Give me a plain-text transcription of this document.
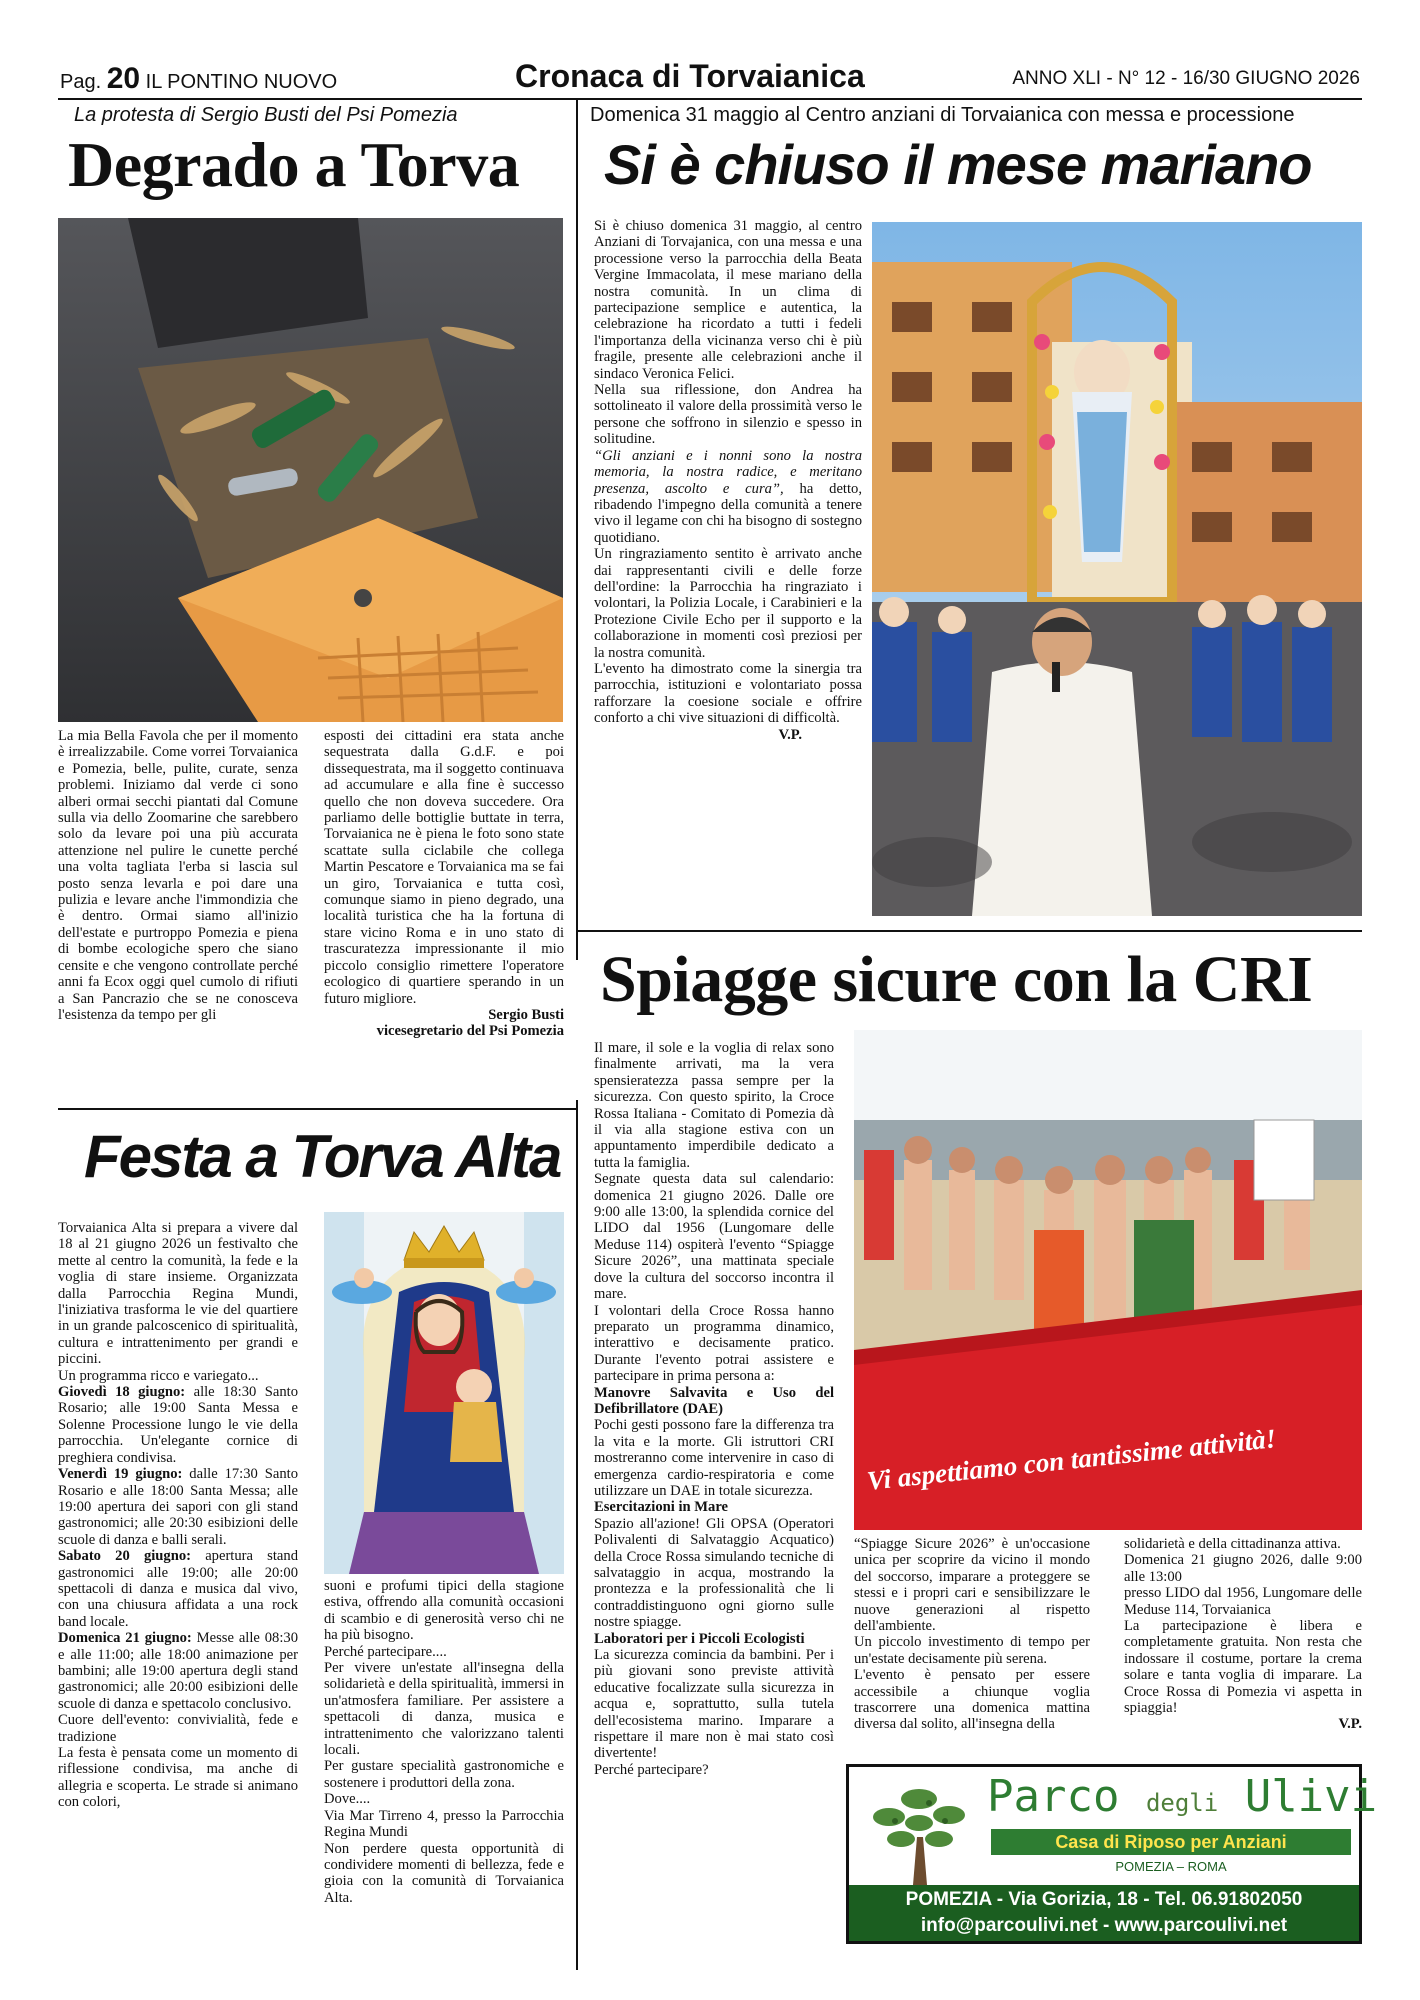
Pag. 20 IL PONTINO NUOVO	Cronaca di Torvaianica	ANNO XLI - N° 12 - 16/30 GIUGNO 2026
La protesta di Sergio Busti del Psi Pomezia
Degrado a Torva

La mia Bella Favola che per il momento è irrealizzabile. Come vorrei Torvaianica e Pomezia, belle, pulite, curate, senza problemi. Iniziamo dal verde ci sono alberi ormai secchi piantati dal Comune sulla via dello Zoomarine che sarebbero solo da levare poi una più accurata attenzione nel pulire le cunette perché una volta tagliata l'erba si lascia sul posto senza levarla e poi dare una pulizia e levare anche l'immondizia che è dentro. Ormai siamo all'inizio dell'estate e purtroppo Pomezia e piena di bombe ecologiche spero che siano censite e che vengono controllate perché anni fa Ecox oggi quel cumolo di rifiuti a San Pancrazio che se ne conosceva l'esistenza da tempo per gli

esposti dei cittadini era stata anche sequestrata dalla G.d.F. e poi dissequestrata, ma il soggetto continuava ad accumulare e alla fine è successo quello che non doveva succedere. Ora parliamo delle bottiglie buttate in terra, Torvaianica ne è piena le foto sono state scattate sulla ciclabile che collega Martin Pescatore e Torvaianica ma se fai un giro, Torvaianica e tutta così, comunque siamo in pieno degrado, una località turistica che ha la fortuna di stare vicino Roma e in uno stato di trascuratezza impressionante il mio piccolo consiglio rimettere l'operatore ecologico di quartiere sperando in un futuro migliore.

Sergio Busti
vicesegretario del Psi Pomezia
Domenica 31 maggio al Centro anziani di Torvaianica con messa e processione
Si è chiuso il mese mariano

Si è chiuso domenica 31 maggio, al centro Anziani di Torvajanica, con una messa e una processione verso la parrocchia della Beata Vergine Immacolata, il mese mariano della nostra comunità. In un clima di partecipazione semplice e autentica, la celebrazione ha ricordato a tutti i fedeli l'importanza della vicinanza verso chi è più fragile, presente alle celebrazioni anche il sindaco Veronica Felici.

Nella sua riflessione, don Andrea ha sottolineato il valore della prossimità verso le persone che soffrono in silenzio e spesso in solitudine.

“Gli anziani e i nonni sono la nostra memoria, la nostra radice, e meritano presenza, ascolto e cura”, ha detto, ribadendo l'impegno della comunità a tenere vivo il legame con chi ha bisogno di sostegno quotidiano.

Un ringraziamento sentito è arrivato anche dai rappresentanti civili e delle forze dell'ordine: la Parrocchia ha ringraziato i volontari, la Polizia Locale, i Carabinieri e la Protezione Civile Echo per il supporto e la collaborazione in momenti così preziosi per la nostra comunità.

L'evento ha dimostrato come la sinergia tra parrocchia, istituzioni e volontariato possa rafforzare la coesione sociale e offrire conforto a chi vive situazioni di difficoltà.

V.P.
Spiagge sicure con la CRI

Il mare, il sole e la voglia di relax sono finalmente arrivati, ma la vera spensieratezza passa sempre per la sicurezza. Con questo spirito, la Croce Rossa Italiana - Comitato di Pomezia dà il via alla stagione estiva con un appuntamento imperdibile dedicato a tutta la famiglia.

Segnate questa data sul calendario: domenica 21 giugno 2026. Dalle ore 9:00 alle 13:00, la splendida cornice del LIDO dal 1956 (Lungomare delle Meduse 114) ospiterà l'evento “Spiagge Sicure 2026”, una mattinata speciale dove la cultura del soccorso incontra il mare.

I volontari della Croce Rossa hanno preparato un programma dinamico, interattivo e decisamente pratico. Durante l'evento potrai assistere e partecipare in prima persona a:

Manovre Salvavita e Uso del Defibrillatore (DAE)

Pochi gesti possono fare la differenza tra la vita e la morte. Gli istruttori CRI mostreranno come intervenire in caso di emergenza cardio-respiratoria e come utilizzare un DAE in totale sicurezza.

Esercitazioni in Mare

Spazio all'azione! Gli OPSA (Operatori Polivalenti di Salvataggio Acquatico) della Croce Rossa simulando tecniche di salvataggio in acqua, mostrando la prontezza e la professionalità che li contraddistinguono ogni giorno sulle nostre spiagge.

Laboratori per i Piccoli Ecologisti

La sicurezza comincia da bambini. Per i più giovani sono previste attività educative focalizzate sulla sicurezza in acqua e, soprattutto, sulla tutela dell'ecosistema marino. Imparare a rispettare il mare non è mai stato così divertente!

Perché partecipare?

Vi aspettiamo con tantissime attività!

“Spiagge Sicure 2026” è un'occasione unica per scoprire da vicino il mondo del soccorso, imparare a proteggere se stessi e i propri cari e sensibilizzare le nuove generazioni al rispetto dell'ambiente.

Un piccolo investimento di tempo per un'estate decisamente più serena.

L'evento è pensato per essere accessibile a chiunque voglia trascorrere una domenica mattina diversa dal solito, all'insegna della

solidarietà e della cittadinanza attiva.

Domenica 21 giugno 2026, dalle 9:00 alle 13:00

presso LIDO dal 1956, Lungomare delle Meduse 114, Torvaianica

La partecipazione è libera e completamente gratuita. Non resta che indossare il costume, portare la crema solare e tanta voglia di imparare. La Croce Rossa di Pomezia vi aspetta in spiaggia!

V.P.
Parco degli Ulivi
Casa di Riposo per Anziani
POMEZIA – ROMA
POMEZIA - Via Gorizia, 18 - Tel. 06.91802050
info@parcoulivi.net - www.parcoulivi.net
Festa a Torva Alta

Torvaianica Alta si prepara a vivere dal 18 al 21 giugno 2026 un festivalto che mette al centro la comunità, la fede e la voglia di stare insieme. Organizzata dalla Parrocchia Regina Mundi, l'iniziativa trasforma le vie del quartiere in un grande palcoscenico di spiritualità, cultura e intrattenimento per grandi e piccini.

Un programma ricco e variegato...

Giovedì 18 giugno: alle 18:30 Santo Rosario; alle 19:00 Santa Messa e Solenne Processione lungo le vie della parrocchia. Un'elegante cornice di preghiera condivisa.

Venerdì 19 giugno: dalle 17:30 Santo Rosario e alle 18:00 Santa Messa; alle 19:00 apertura dei sapori con gli stand gastronomici; alle 20:30 esibizioni delle scuole di danza e balli serali.

Sabato 20 giugno: apertura stand gastronomici alle 19:00; alle 20:00 spettacoli di danza e musica dal vivo, con una chiusura affidata a una rock band locale.

Domenica 21 giugno: Messe alle 08:30 e alle 11:00; alle 18:00 animazione per bambini; alle 19:00 apertura degli stand gastronomici; alle 20:00 esibizioni delle scuole di danza e spettacolo conclusivo.

Cuore dell'evento: convivialità, fede e tradizione

La festa è pensata come un momento di riflessione condivisa, ma anche di allegria e scoperta. Le strade si animano con colori,

suoni e profumi tipici della stagione estiva, offrendo alla comunità occasioni di scambio e di generosità verso chi ne ha più bisogno.

Perché partecipare....

Per vivere un'estate all'insegna della solidarietà e della spiritualità, immersi in un'atmosfera familiare. Per assistere a spettacoli di danza, musica e intrattenimento che valorizzano talenti locali.

Per gustare specialità gastronomiche e sostenere i produttori della zona.

Dove....

Via Mar Tirreno 4, presso la Parrocchia Regina Mundi

Non perdere questa opportunità di condividere momenti di bellezza, fede e gioia con la comunità di Torvaianica Alta.
